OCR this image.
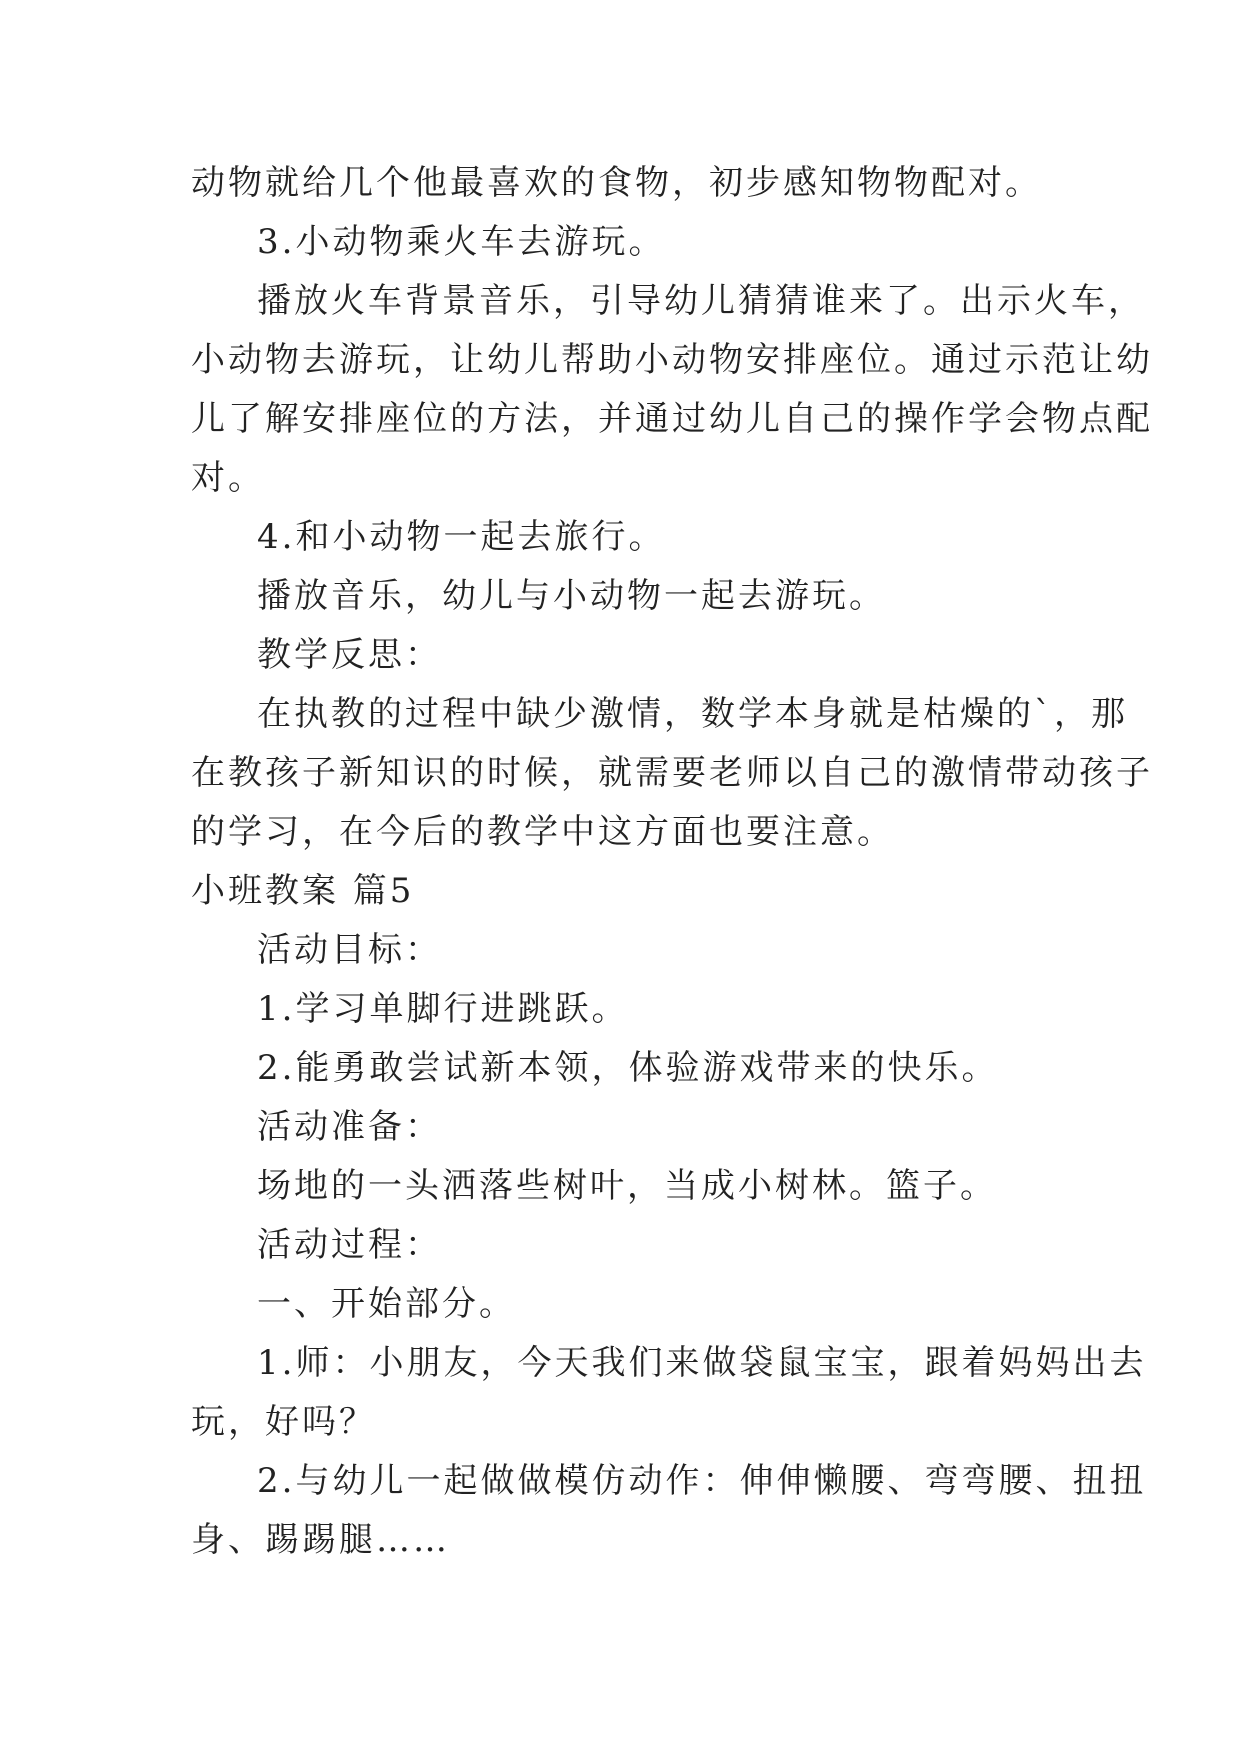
动物就给几个他最喜欢的食物，初步感知物物配对。
3.小动物乘火车去游玩。
播放火车背景音乐，引导幼儿猜猜谁来了。出示火车，
小动物去游玩，让幼儿帮助小动物安排座位。通过示范让幼
儿了解安排座位的方法，并通过幼儿自己的操作学会物点配
对。
4.和小动物一起去旅行。
播放音乐，幼儿与小动物一起去游玩。
教学反思：
在执教的过程中缺少激情，数学本身就是枯燥的`，那
在教孩子新知识的时候，就需要老师以自己的激情带动孩子
的学习，在今后的教学中这方面也要注意。
小班教案 篇5
活动目标：
1.学习单脚行进跳跃。
2.能勇敢尝试新本领，体验游戏带来的快乐。
活动准备：
场地的一头洒落些树叶，当成小树林。篮子。
活动过程：
一、开始部分。
1.师：小朋友，今天我们来做袋鼠宝宝，跟着妈妈出去
玩，好吗？
2.与幼儿一起做做模仿动作：伸伸懒腰、弯弯腰、扭扭
身、踢踢腿……
